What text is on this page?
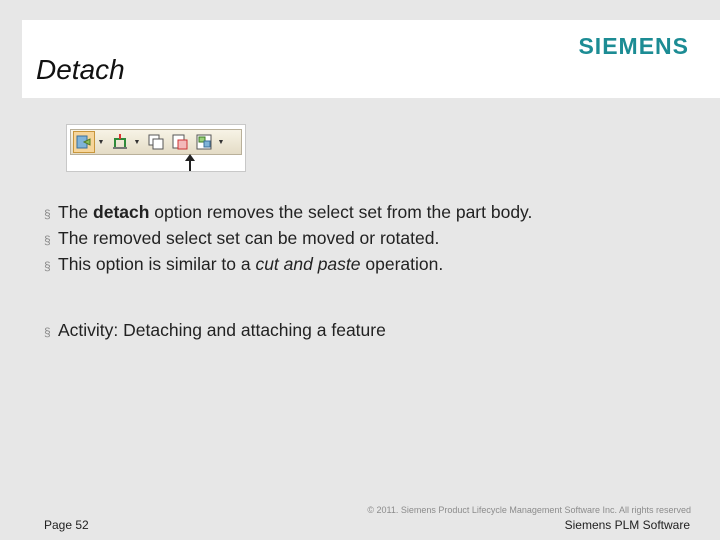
Detach
SIEMENS
▼	▼	▼
§ The detach option removes the select set from the part body.
§ The removed select set can be moved or rotated.
§ This option is similar to a cut and paste operation.
§ Activity: Detaching and attaching a feature
Page 52
© 2011. Siemens Product Lifecycle Management Software Inc. All rights reserved
Siemens PLM Software
